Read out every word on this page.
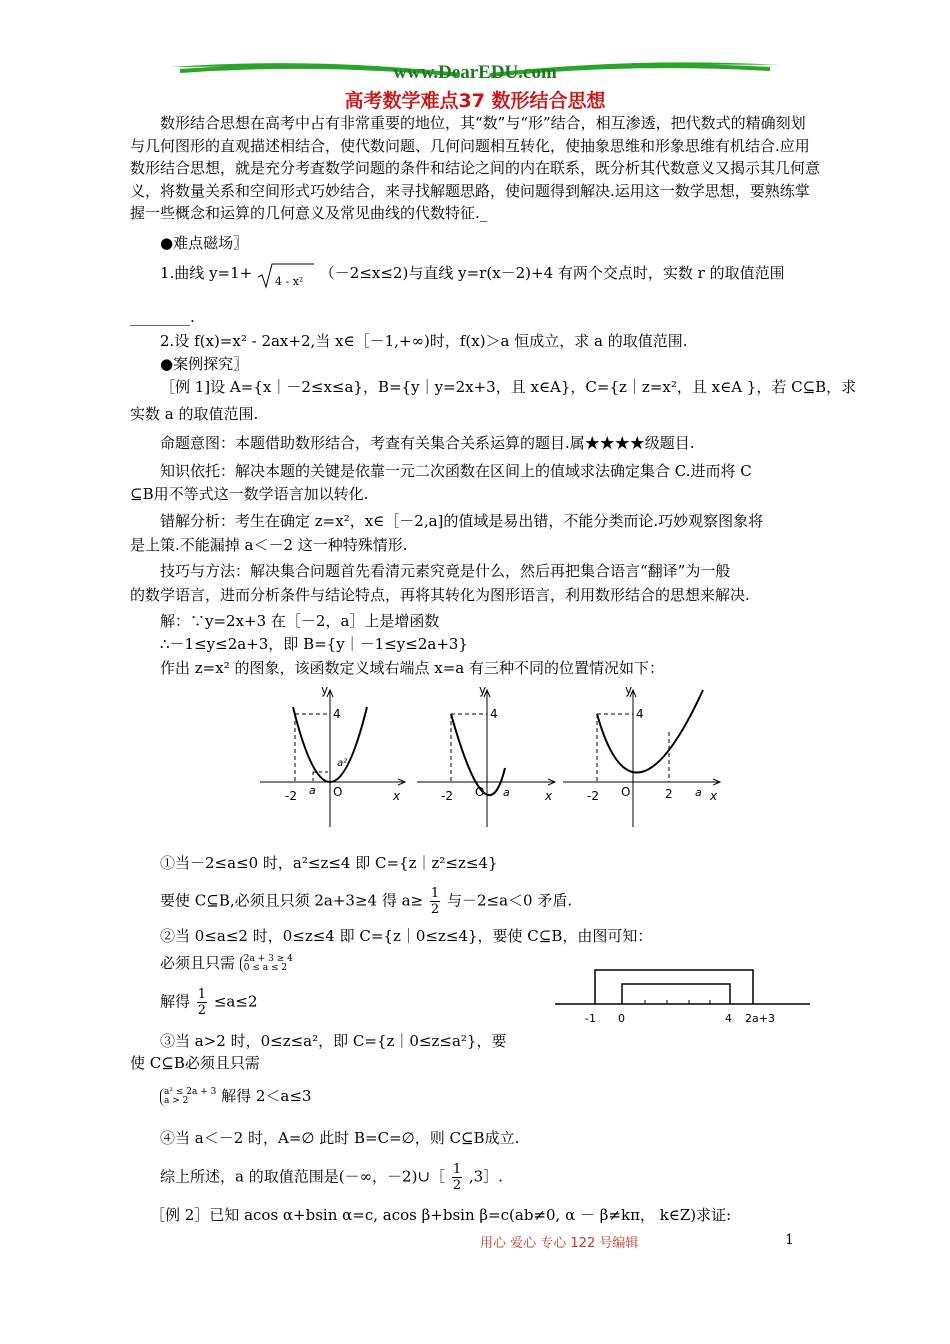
www.DearEDU.com
高考数学难点37 数形结合思想
数形结合思想在高考中占有非常重要的地位，其“数”与“形”结合，相互渗透，把代数式的精确刻划与几何图形的直观描述相结合，使代数问题、几何问题相互转化，使抽象思维和形象思维有机结合.应用数形结合思想，就是充分考查数学问题的条件和结论之间的内在联系，既分析其代数意义又揭示其几何意义，将数量关系和空间形式巧妙结合，来寻找解题思路，使问题得到解决.运用这一数学思想，要熟练掌握一些概念和运算的几何意义及常见曲线的代数特征._
●难点磁场〗
1.曲线 y=1+ 4 - x² （－2≤x≤2)与直线 y=r(x－2)+4 有两个交点时，实数 r 的取值范围
________.
2.设 f(x)=x² - 2ax+2,当 x∈［－1,+∞)时，f(x)＞a 恒成立，求 a 的取值范围.
●案例探究〗
［例 1]设 A={x｜－2≤x≤a}，B={y｜y=2x+3，且 x∈A}，C={z｜z=x²，且 x∈A }，若 C⊆B，求
实数 a 的取值范围.
命题意图：本题借助数形结合，考查有关集合关系运算的题目.属★★★★级题目.
知识依托：解决本题的关键是依靠一元二次函数在区间上的值域求法确定集合 C.进而将 C
⊆B用不等式这一数学语言加以转化.
错解分析：考生在确定 z=x²，x∈［－2,a]的值域是易出错，不能分类而论.巧妙观察图象将
是上策.不能漏掉 a＜－2 这一种特殊情形.
技巧与方法：解决集合问题首先看清元素究竟是什么，然后再把集合语言“翻译”为一般
的数学语言，进而分析条件与结论特点，再将其转化为图形语言，利用数形结合的思想来解决.
解：∵y=2x+3 在［－2，a］上是增函数
∴－1≤y≤2a+3，即 B={y｜－1≤y≤2a+3}
作出 z=x² 的图象，该函数定义域右端点 x=a 有三种不同的位置情况如下：
y
x
4
-2 a O
a²
y
x
4
-2 O a
y
x
4
-2 O	2 a
①当－2≤a≤0 时，a²≤z≤4 即 C={z｜z²≤z≤4}
要使 C⊆B,必须且只须 2a+3≥4 得 $a\ge \frac{1}{2}$ 与－2≤a＜0 矛盾.
②当 0≤a≤2 时，0≤z≤4 即 C={z｜0≤z≤4}，要使 C⊆B，由图可知：
必须且只需 2a + 3 ≥ 4
0 ≤ a ≤ 2
解得 $\frac{1}{2} \le a\le 2$
-1 0	4 2a+3
③当 a>2 时，0≤z≤a²，即 C={z｜0≤z≤a²}，要
使 C⊆B必须且只需
a² ≤ 2a + 3
a > 2	解得 2＜a≤3
④当 a＜－2 时，A=∅ 此时 B=C=∅，则 C⊆B成立.
综上所述，a 的取值范围是(－∞，－2)∪［ $\frac{1}{2}$ ,3］.
［例 2］已知 acos α+bsin α=c, acos β+bsin β=c(ab≠0, α － β≠kπ， k∈Z)求证:
用心 爱心 专心 122 号编辑	1
